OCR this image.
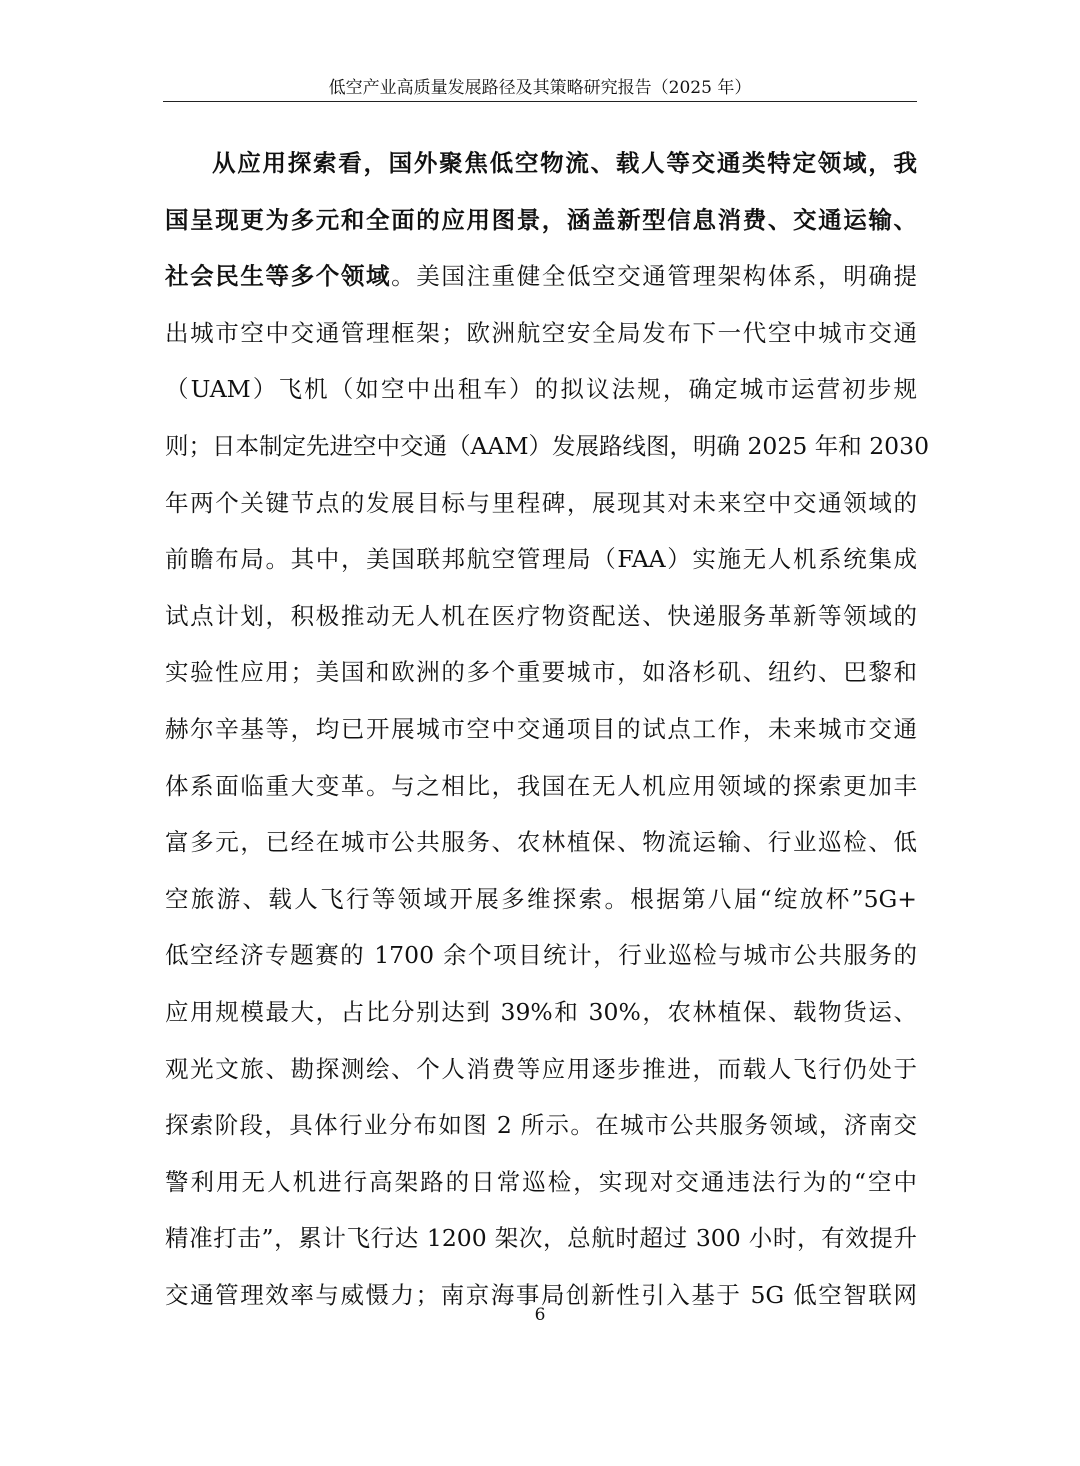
低空产业高质量发展路径及其策略研究报告（2025 年）
从应用探索看，国外聚焦低空物流、载人等交通类特定领域，我
国呈现更为多元和全面的应用图景，涵盖新型信息消费、交通运输、
社会民生等多个领域。美国注重健全低空交通管理架构体系，明确提
出城市空中交通管理框架；欧洲航空安全局发布下一代空中城市交通
（UAM）飞机（如空中出租车）的拟议法规，确定城市运营初步规
则；日本制定先进空中交通（AAM）发展路线图，明确 2025 年和 2030
年两个关键节点的发展目标与里程碑，展现其对未来空中交通领域的
前瞻布局。其中，美国联邦航空管理局（FAA）实施无人机系统集成
试点计划，积极推动无人机在医疗物资配送、快递服务革新等领域的
实验性应用；美国和欧洲的多个重要城市，如洛杉矶、纽约、巴黎和
赫尔辛基等，均已开展城市空中交通项目的试点工作，未来城市交通
体系面临重大变革。与之相比，我国在无人机应用领域的探索更加丰
富多元，已经在城市公共服务、农林植保、物流运输、行业巡检、低
空旅游、载人飞行等领域开展多维探索。根据第八届“绽放杯”5G+
低空经济专题赛的 1700 余个项目统计，行业巡检与城市公共服务的
应用规模最大，占比分别达到 39%和 30%，农林植保、载物货运、
观光文旅、勘探测绘、个人消费等应用逐步推进，而载人飞行仍处于
探索阶段，具体行业分布如图 2 所示。在城市公共服务领域，济南交
警利用无人机进行高架路的日常巡检，实现对交通违法行为的“空中
精准打击”，累计飞行达 1200 架次，总航时超过 300 小时，有效提升
交通管理效率与威慑力；南京海事局创新性引入基于 5G 低空智联网
6
